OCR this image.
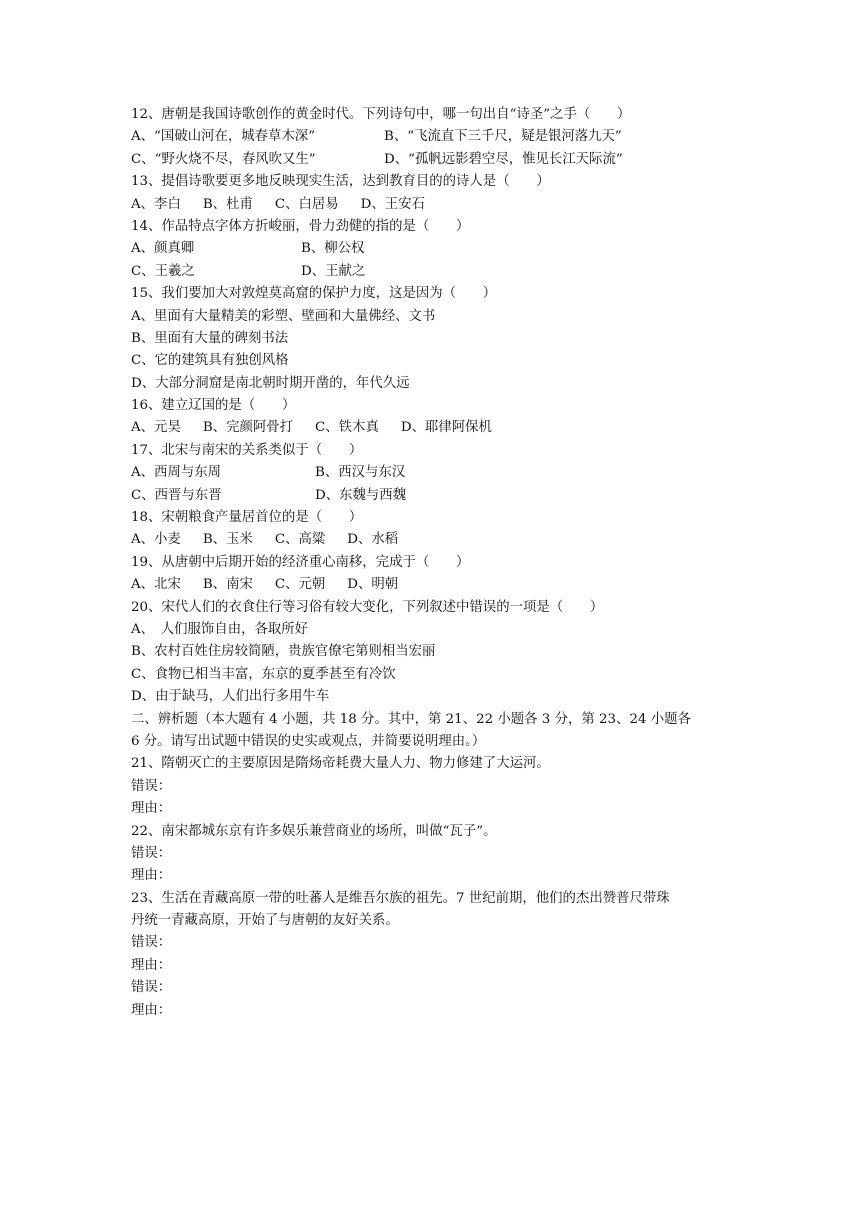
12、唐朝是我国诗歌创作的黄金时代。下列诗句中，哪一句出自“诗圣”之手（　　）
A、“国破山河在，城春草木深”	B、“飞流直下三千尺，疑是银河落九天”
C、“野火烧不尽，春风吹又生”	D、“孤帆远影碧空尽，惟见长江天际流”
13、提倡诗歌要更多地反映现实生活，达到教育目的的诗人是（　　）
A、李白 B、杜甫 C、白居易 D、王安石
14、作品特点字体方折峻丽，骨力劲健的指的是（　　）
A、颜真卿	B、柳公权
C、王羲之	D、王献之
15、我们要加大对敦煌莫高窟的保护力度，这是因为（　　）
A、里面有大量精美的彩塑、壁画和大量佛经、文书
B、里面有大量的碑刻书法
C、它的建筑具有独创风格
D、大部分洞窟是南北朝时期开凿的，年代久远
16、建立辽国的是（　　）
A、元昊 B、完颜阿骨打 C、铁木真 D、耶律阿保机
17、北宋与南宋的关系类似于（　　）
A、西周与东周	B、西汉与东汉
C、西晋与东晋	D、东魏与西魏
18、宋朝粮食产量居首位的是（　　）
A、小麦 B、玉米 C、高粱 D、水稻
19、从唐朝中后期开始的经济重心南移，完成于（　　）
A、北宋 B、南宋 C、元朝 D、明朝
20、宋代人们的衣食住行等习俗有较大变化，下列叙述中错误的一项是（　　）
A、　人们服饰自由，各取所好
B、农村百姓住房较简陋，贵族官僚宅第则相当宏丽
C、食物已相当丰富，东京的夏季甚至有冷饮
D、由于缺马，人们出行多用牛车
二、辨析题（本大题有 4 小题，共 18 分。其中，第 21、22 小题各 3 分，第 23、24 小题各
6 分。请写出试题中错误的史实或观点，并简要说明理由。）
21、隋朝灭亡的主要原因是隋炀帝耗费大量人力、物力修建了大运河。
错误：
理由：
22、南宋都城东京有许多娱乐兼营商业的场所，叫做“瓦子”。
错误：
理由：
23、生活在青藏高原一带的吐蕃人是维吾尔族的祖先。7 世纪前期，他们的杰出赞普尺带珠
丹统一青藏高原，开始了与唐朝的友好关系。
错误：
理由：
错误：
理由：
